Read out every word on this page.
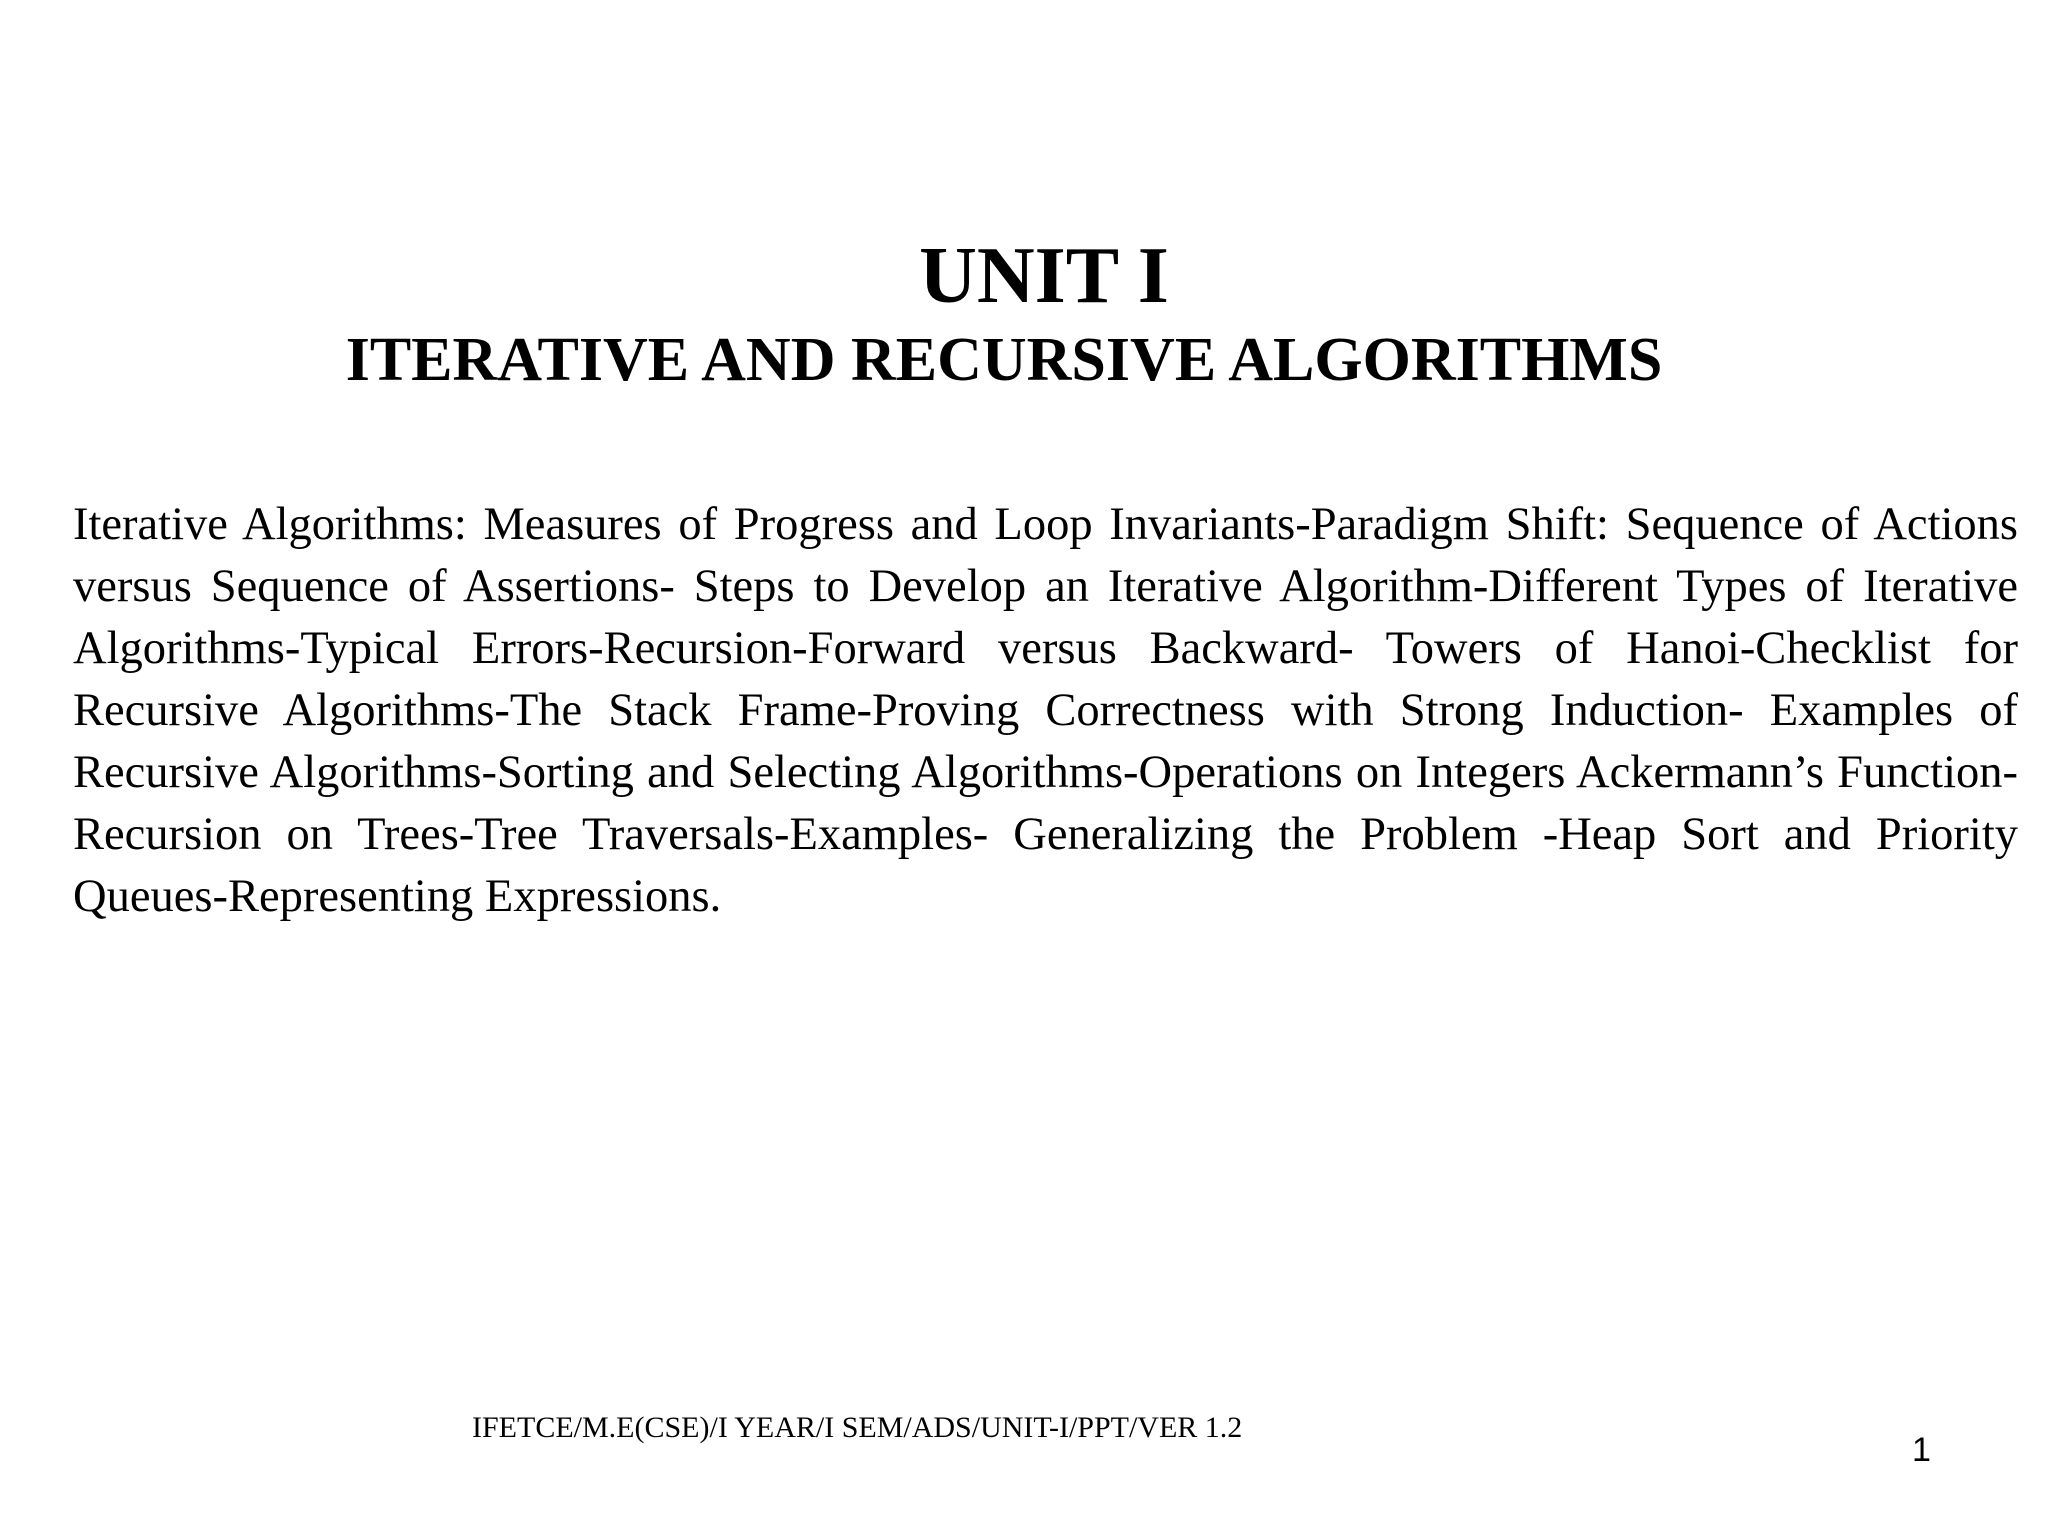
UNIT I
ITERATIVE AND RECURSIVE ALGORITHMS

Iterative Algorithms: Measures of Progress and Loop Invariants-Paradigm Shift: Sequence of Actions versus Sequence of Assertions- Steps to Develop an Iterative Algorithm-Different Types of Iterative Algorithms-Typical Errors-Recursion-Forward versus Backward- Towers of Hanoi-Checklist for Recursive Algorithms-The Stack Frame-Proving Correctness with Strong Induction- Examples of Recursive Algorithms-Sorting and Selecting Algorithms-Operations on Integers Ackermann’s Function- Recursion on Trees-Tree Traversals-Examples- Generalizing the Problem -Heap Sort and Priority Queues-Representing Expressions.

IFETCE/M.E(CSE)/I YEAR/I SEM/ADS/UNIT-I/PPT/VER 1.2
1
